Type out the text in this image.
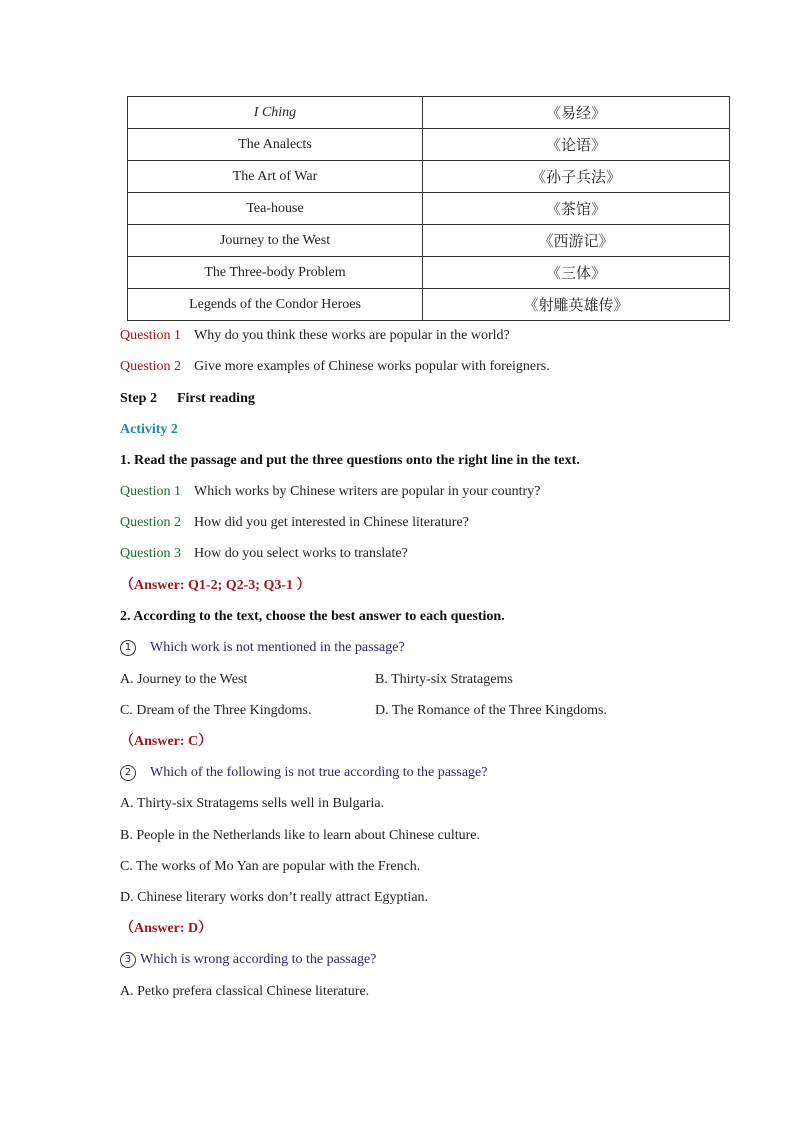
I Ching	《易经》
The Analects	《论语》
The Art of War	《孙子兵法》
Tea-house	《茶馆》
Journey to the West	《西游记》
The Three-body Problem	《三体》
Legends of the Condor Heroes	《射雕英雄传》
Question 1 Why do you think these works are popular in the world?
Question 2 Give more examples of Chinese works popular with foreigners.
Step 2 First reading
Activity 2
1. Read the passage and put the three questions onto the right line in the text.
Question 1 Which works by Chinese writers are popular in your country?
Question 2 How did you get interested in Chinese literature?
Question 3 How do you select works to translate?
（Answer: Q1-2; Q2-3; Q3-1 ）
2. According to the text, choose the best answer to each question.
1 Which work is not mentioned in the passage?
A. Journey to the West	B. Thirty-six Stratagems
C. Dream of the Three Kingdoms.	D. The Romance of the Three Kingdoms.
（Answer: C）
2 Which of the following is not true according to the passage?
A. Thirty-six Stratagems sells well in Bulgaria.
B. People in the Netherlands like to learn about Chinese culture.
C. The works of Mo Yan are popular with the French.
D. Chinese literary works don’t really attract Egyptian.
（Answer: D）
3 Which is wrong according to the passage?
A. Petko prefera classical Chinese literature.
